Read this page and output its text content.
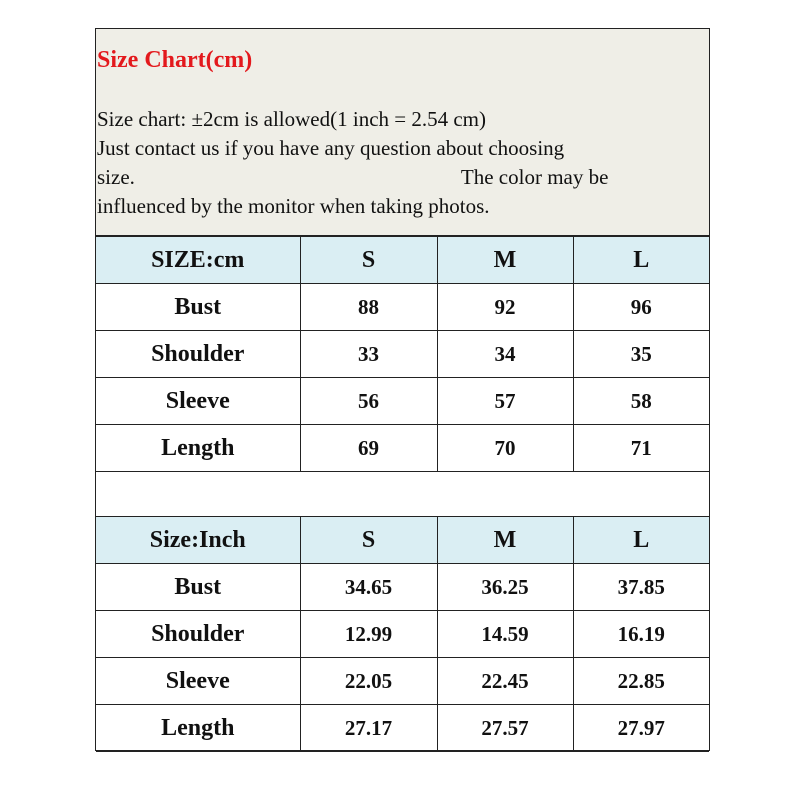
Size Chart(cm)
Size chart: ±2cm is allowed(1 inch = 2.54 cm)
Just contact us if you have any question about choosing
size.	The color may be
influenced by the monitor when taking photos.
SIZE:cm	S	M	L
Bust	88	92	96
Shoulder	33	34	35
Sleeve	56	57	58
Length	69	70	71
Size:Inch	S	M	L
Bust	34.65	36.25	37.85
Shoulder	12.99	14.59	16.19
Sleeve	22.05	22.45	22.85
Length	27.17	27.57	27.97
